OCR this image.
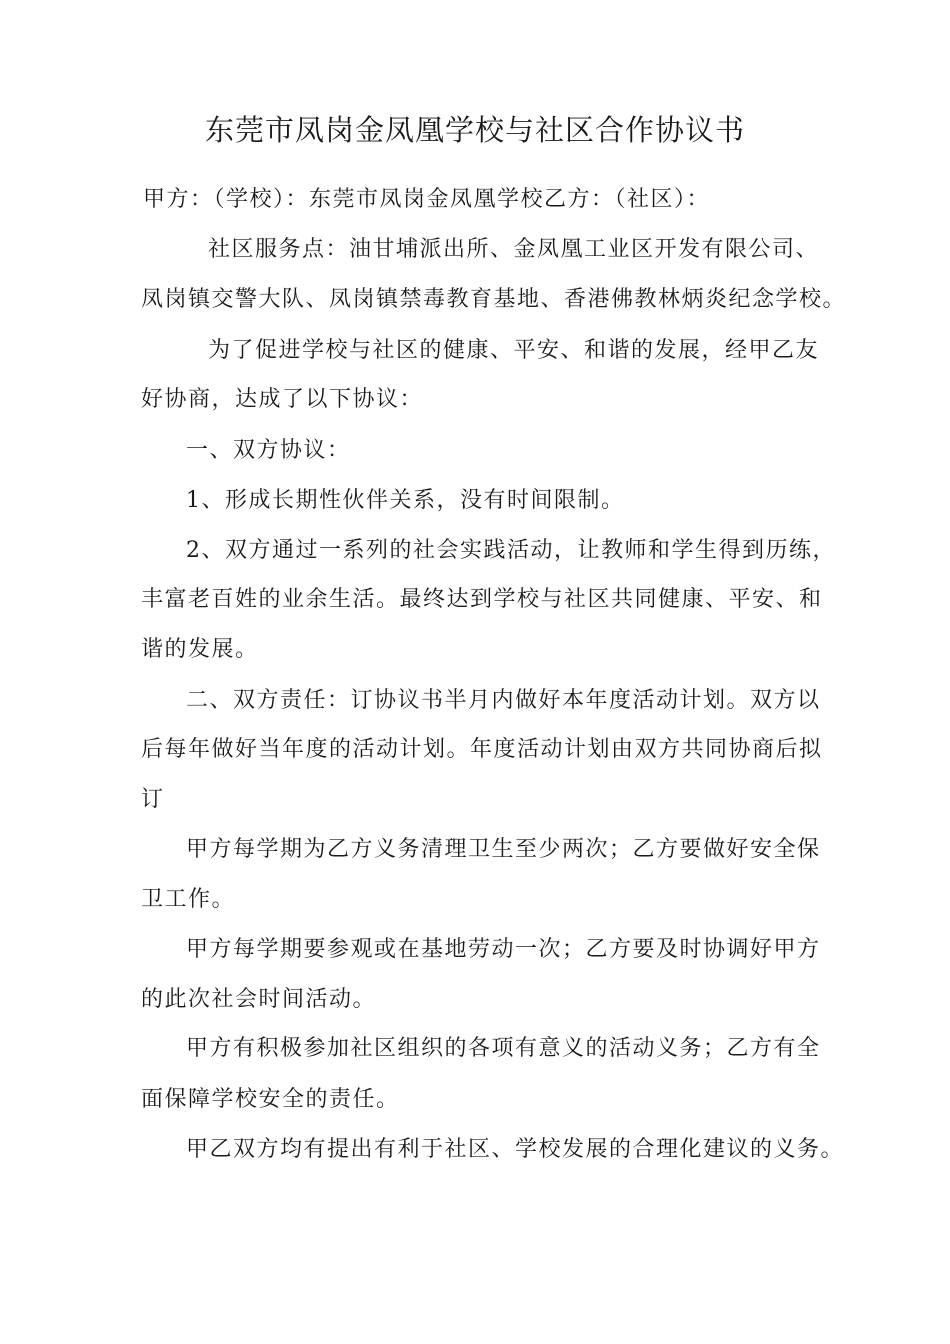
东莞市凤岗金凤凰学校与社区合作协议书
甲方：（学校）：东莞市凤岗金凤凰学校乙方：（社区）：
社区服务点：油甘埔派出所、金凤凰工业区开发有限公司、
凤岗镇交警大队、凤岗镇禁毒教育基地、香港佛教林炳炎纪念学校。
为了促进学校与社区的健康、平安、和谐的发展，经甲乙友
好协商，达成了以下协议：
一、双方协议：
1、形成长期性伙伴关系，没有时间限制。
2、双方通过一系列的社会实践活动，让教师和学生得到历练，
丰富老百姓的业余生活。最终达到学校与社区共同健康、平安、和
谐的发展。
二、双方责任：订协议书半月内做好本年度活动计划。双方以
后每年做好当年度的活动计划。年度活动计划由双方共同协商后拟
订
甲方每学期为乙方义务清理卫生至少两次；乙方要做好安全保
卫工作。
甲方每学期要参观或在基地劳动一次；乙方要及时协调好甲方
的此次社会时间活动。
甲方有积极参加社区组织的各项有意义的活动义务；乙方有全
面保障学校安全的责任。
甲乙双方均有提出有利于社区、学校发展的合理化建议的义务。
